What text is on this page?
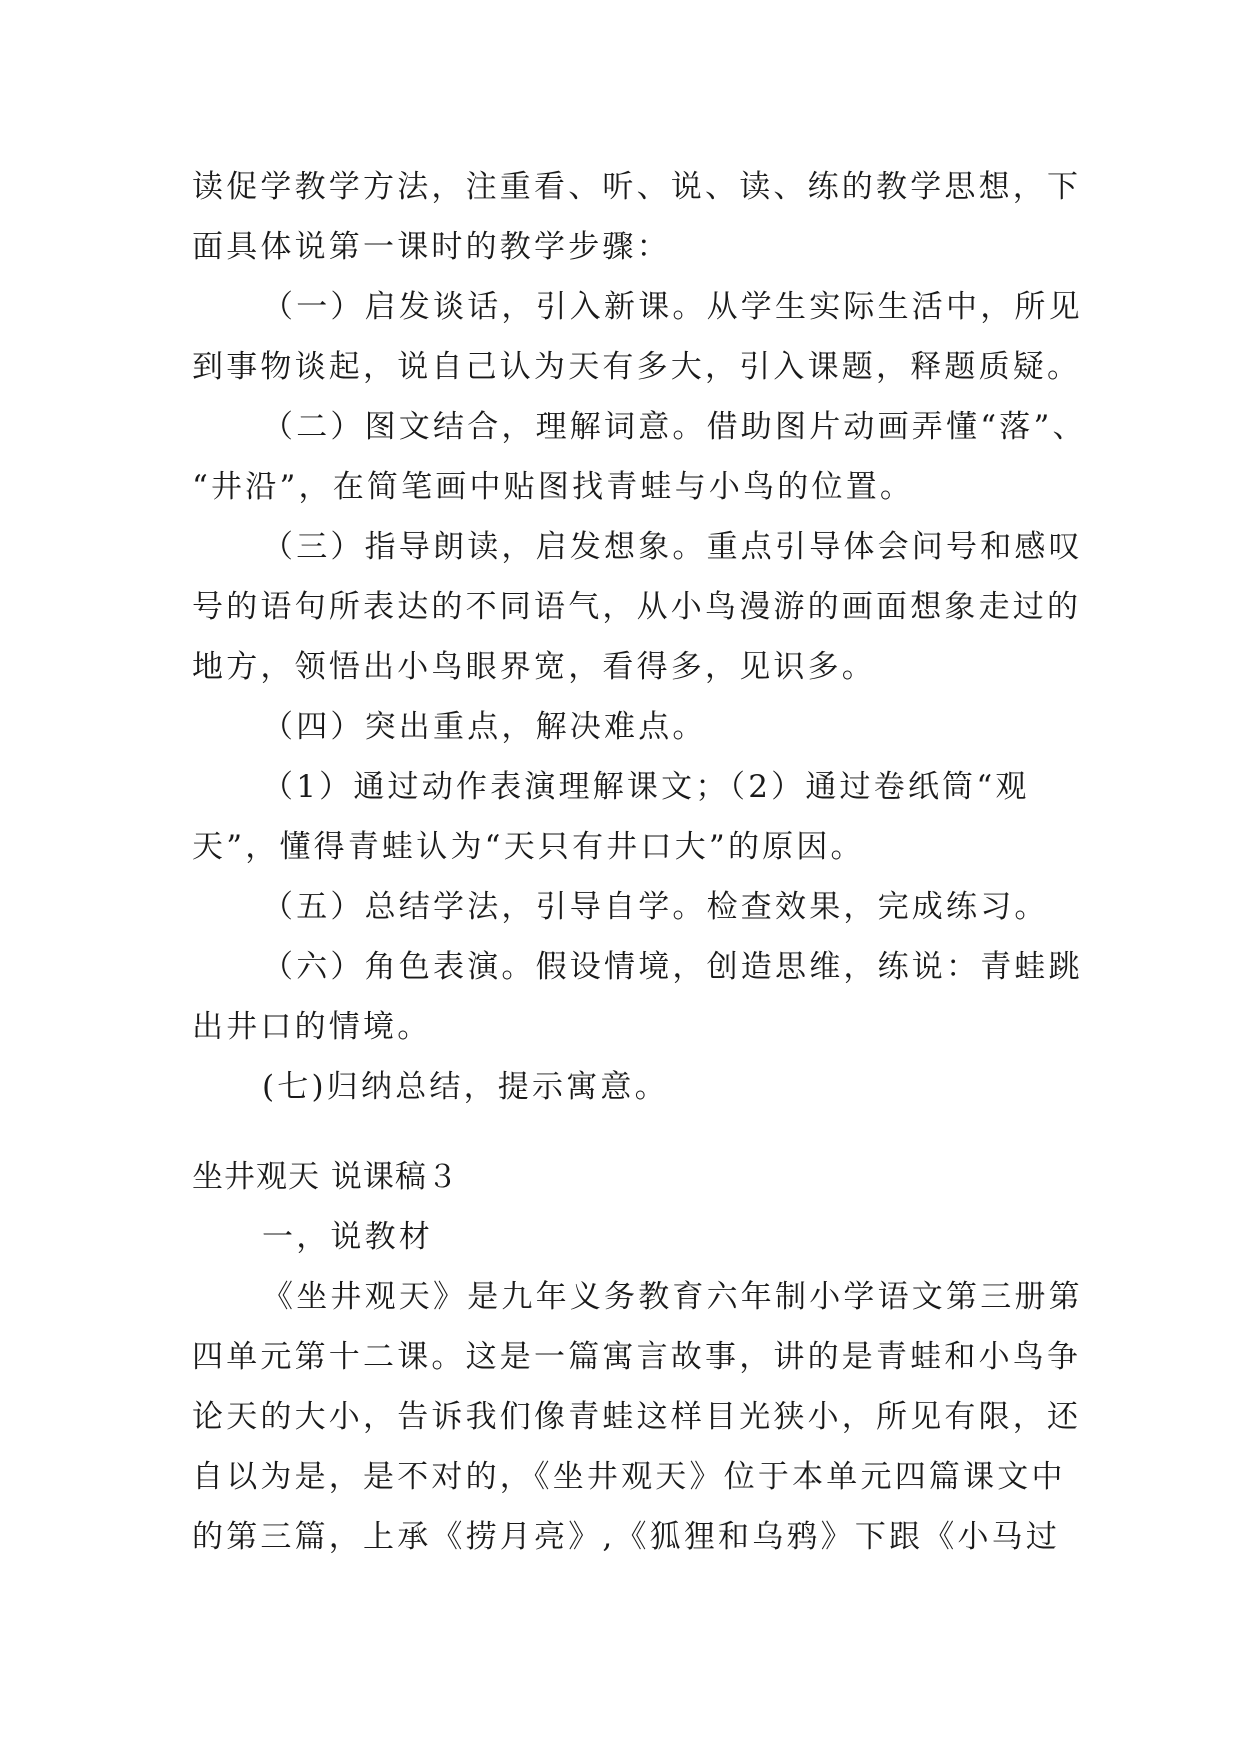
读促学教学方法，注重看、听、说、读、练的教学思想，下
面具体说第一课时的教学步骤：
（一）启发谈话，引入新课。从学生实际生活中，所见
到事物谈起，说自己认为天有多大，引入课题，释题质疑。
（二）图文结合，理解词意。借助图片动画弄懂“落”、
“井沿”，在简笔画中贴图找青蛙与小鸟的位置。
（三）指导朗读，启发想象。重点引导体会问号和感叹
号的语句所表达的不同语气，从小鸟漫游的画面想象走过的
地方，领悟出小鸟眼界宽，看得多，见识多。
（四）突出重点，解决难点。
（1）通过动作表演理解课文；（2）通过卷纸筒“观
天”，懂得青蛙认为“天只有井口大”的原因。
（五）总结学法，引导自学。检查效果，完成练习。
（六）角色表演。假设情境，创造思维，练说：青蛙跳
出井口的情境。
(七)归纳总结，提示寓意。
坐井观天 说课稿３
一，说教材
《坐井观天》是九年义务教育六年制小学语文第三册第
四单元第十二课。这是一篇寓言故事，讲的是青蛙和小鸟争
论天的大小，告诉我们像青蛙这样目光狭小，所见有限，还
自以为是，是不对的，《坐井观天》位于本单元四篇课文中
的第三篇，上承《捞月亮》,《狐狸和乌鸦》下跟《小马过
